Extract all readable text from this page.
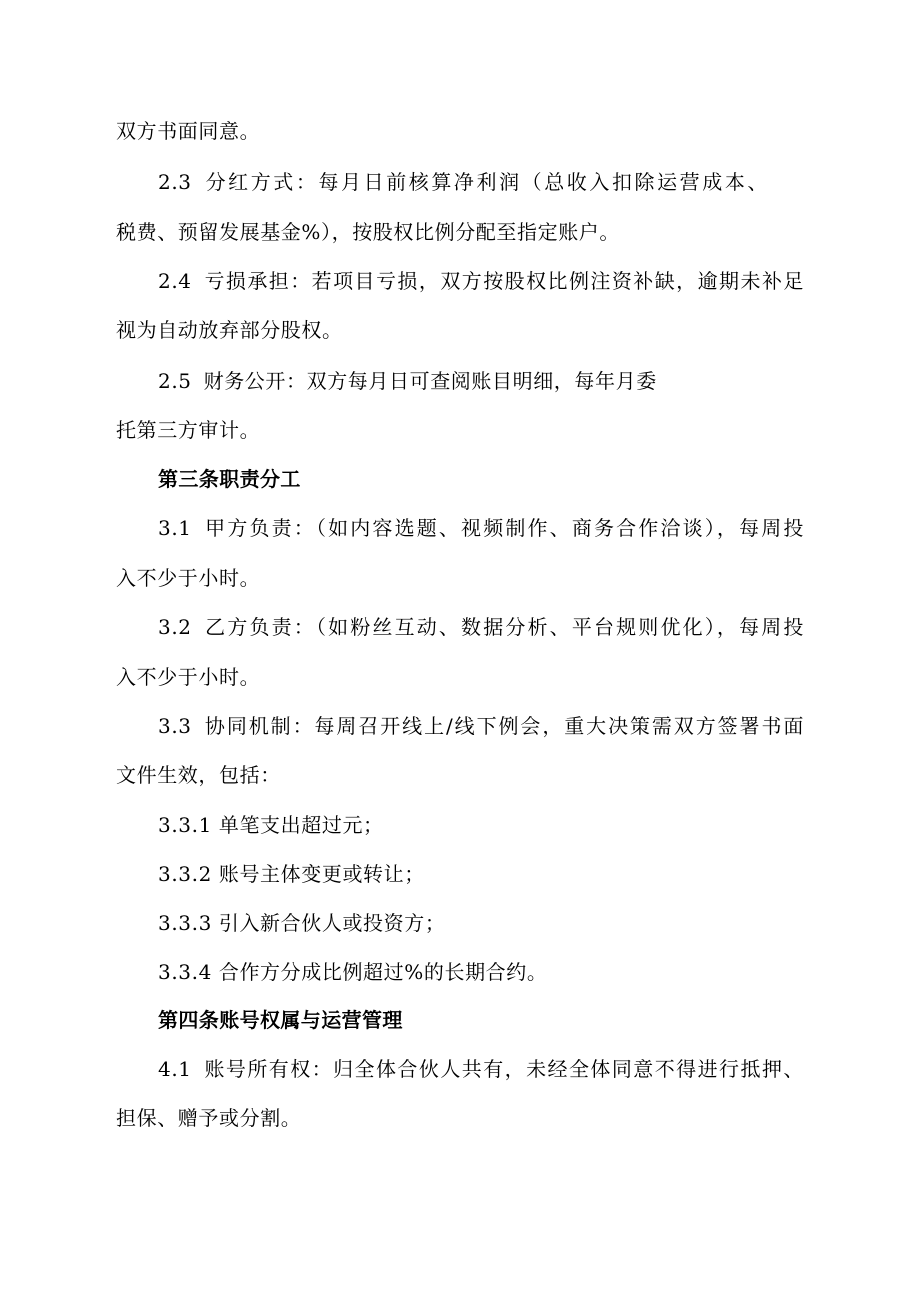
双方书面同意。
2.3 分红方式：每月日前核算净利润（总收入扣除运营成本、
税费、预留发展基金%），按股权比例分配至指定账户。
2.4 亏损承担：若项目亏损，双方按股权比例注资补缺，逾期未补足
视为自动放弃部分股权。
2.5 财务公开：双方每月日可查阅账目明细，每年月委
托第三方审计。
第三条职责分工
3.1 甲方负责：（如内容选题、视频制作、商务合作洽谈），每周投
入不少于小时。
3.2 乙方负责：（如粉丝互动、数据分析、平台规则优化），每周投
入不少于小时。
3.3 协同机制：每周召开线上/线下例会，重大决策需双方签署书面
文件生效，包括：
3.3.1 单笔支出超过元；
3.3.2 账号主体变更或转让；
3.3.3 引入新合伙人或投资方；
3.3.4 合作方分成比例超过%的长期合约。
第四条账号权属与运营管理
4.1 账号所有权：归全体合伙人共有，未经全体同意不得进行抵押、
担保、赠予或分割。
